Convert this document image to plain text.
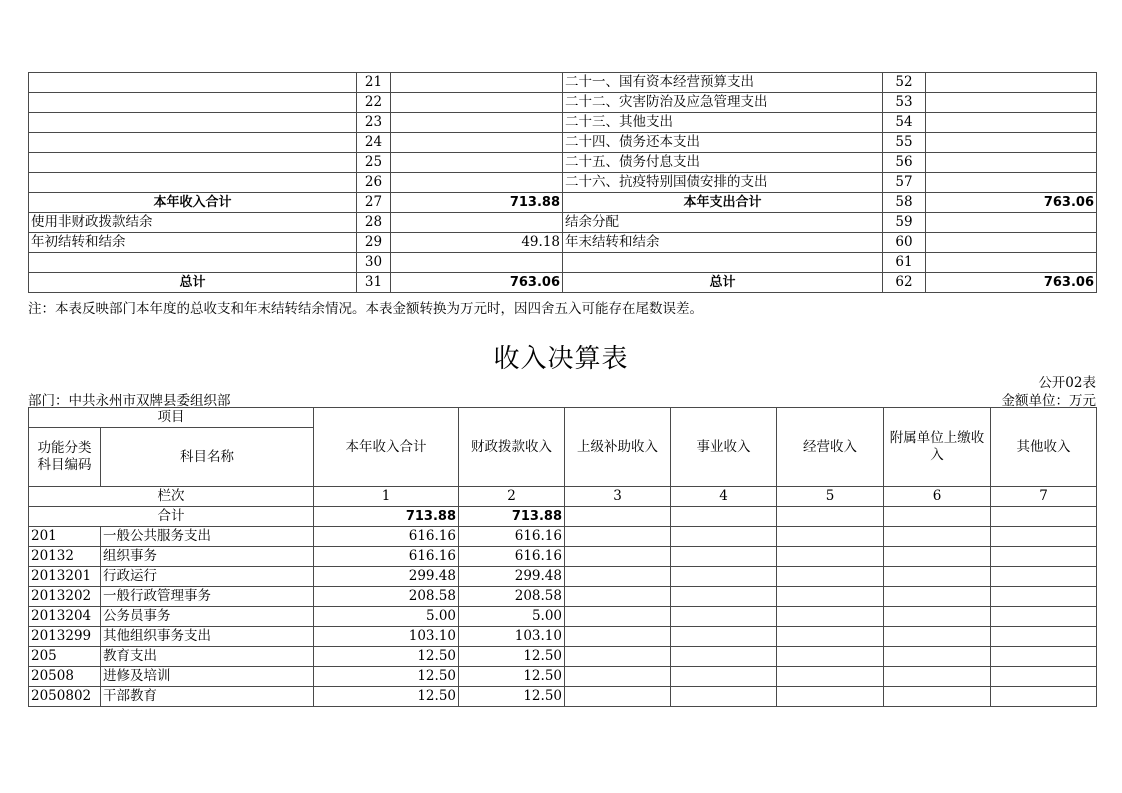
	21		二十一、国有资本经营预算支出	52	
	22		二十二、灾害防治及应急管理支出	53	
	23		二十三、其他支出	54	
	24		二十四、债务还本支出	55	
	25		二十五、债务付息支出	56	
	26		二十六、抗疫特别国债安排的支出	57	
本年收入合计	27	713.88	本年支出合计	58	763.06
使用非财政拨款结余	28		结余分配	59	
年初结转和结余	29	49.18	年末结转和结余	60	
	30			61	
总计	31	763.06	总计	62	763.06
注：本表反映部门本年度的总收支和年末结转结余情况。本表金额转换为万元时，因四舍五入可能存在尾数误差。
收入决算表
公开02表
部门：中共永州市双牌县委组织部	金额单位：万元
项目		本年收入合计	财政拨款收入	上级补助收入	事业收入	经营收入	附属单位上缴收入	其他收入
功能分类科目编码	科目名称							
栏次		1	2	3	4	5	6	7
合计		713.88	713.88					
201	一般公共服务支出	616.16	616.16					
20132	组织事务	616.16	616.16					
2013201	行政运行	299.48	299.48					
2013202	一般行政管理事务	208.58	208.58					
2013204	公务员事务	5.00	5.00					
2013299	其他组织事务支出	103.10	103.10					
205	教育支出	12.50	12.50					
20508	进修及培训	12.50	12.50					
2050802	干部教育	12.50	12.50					
